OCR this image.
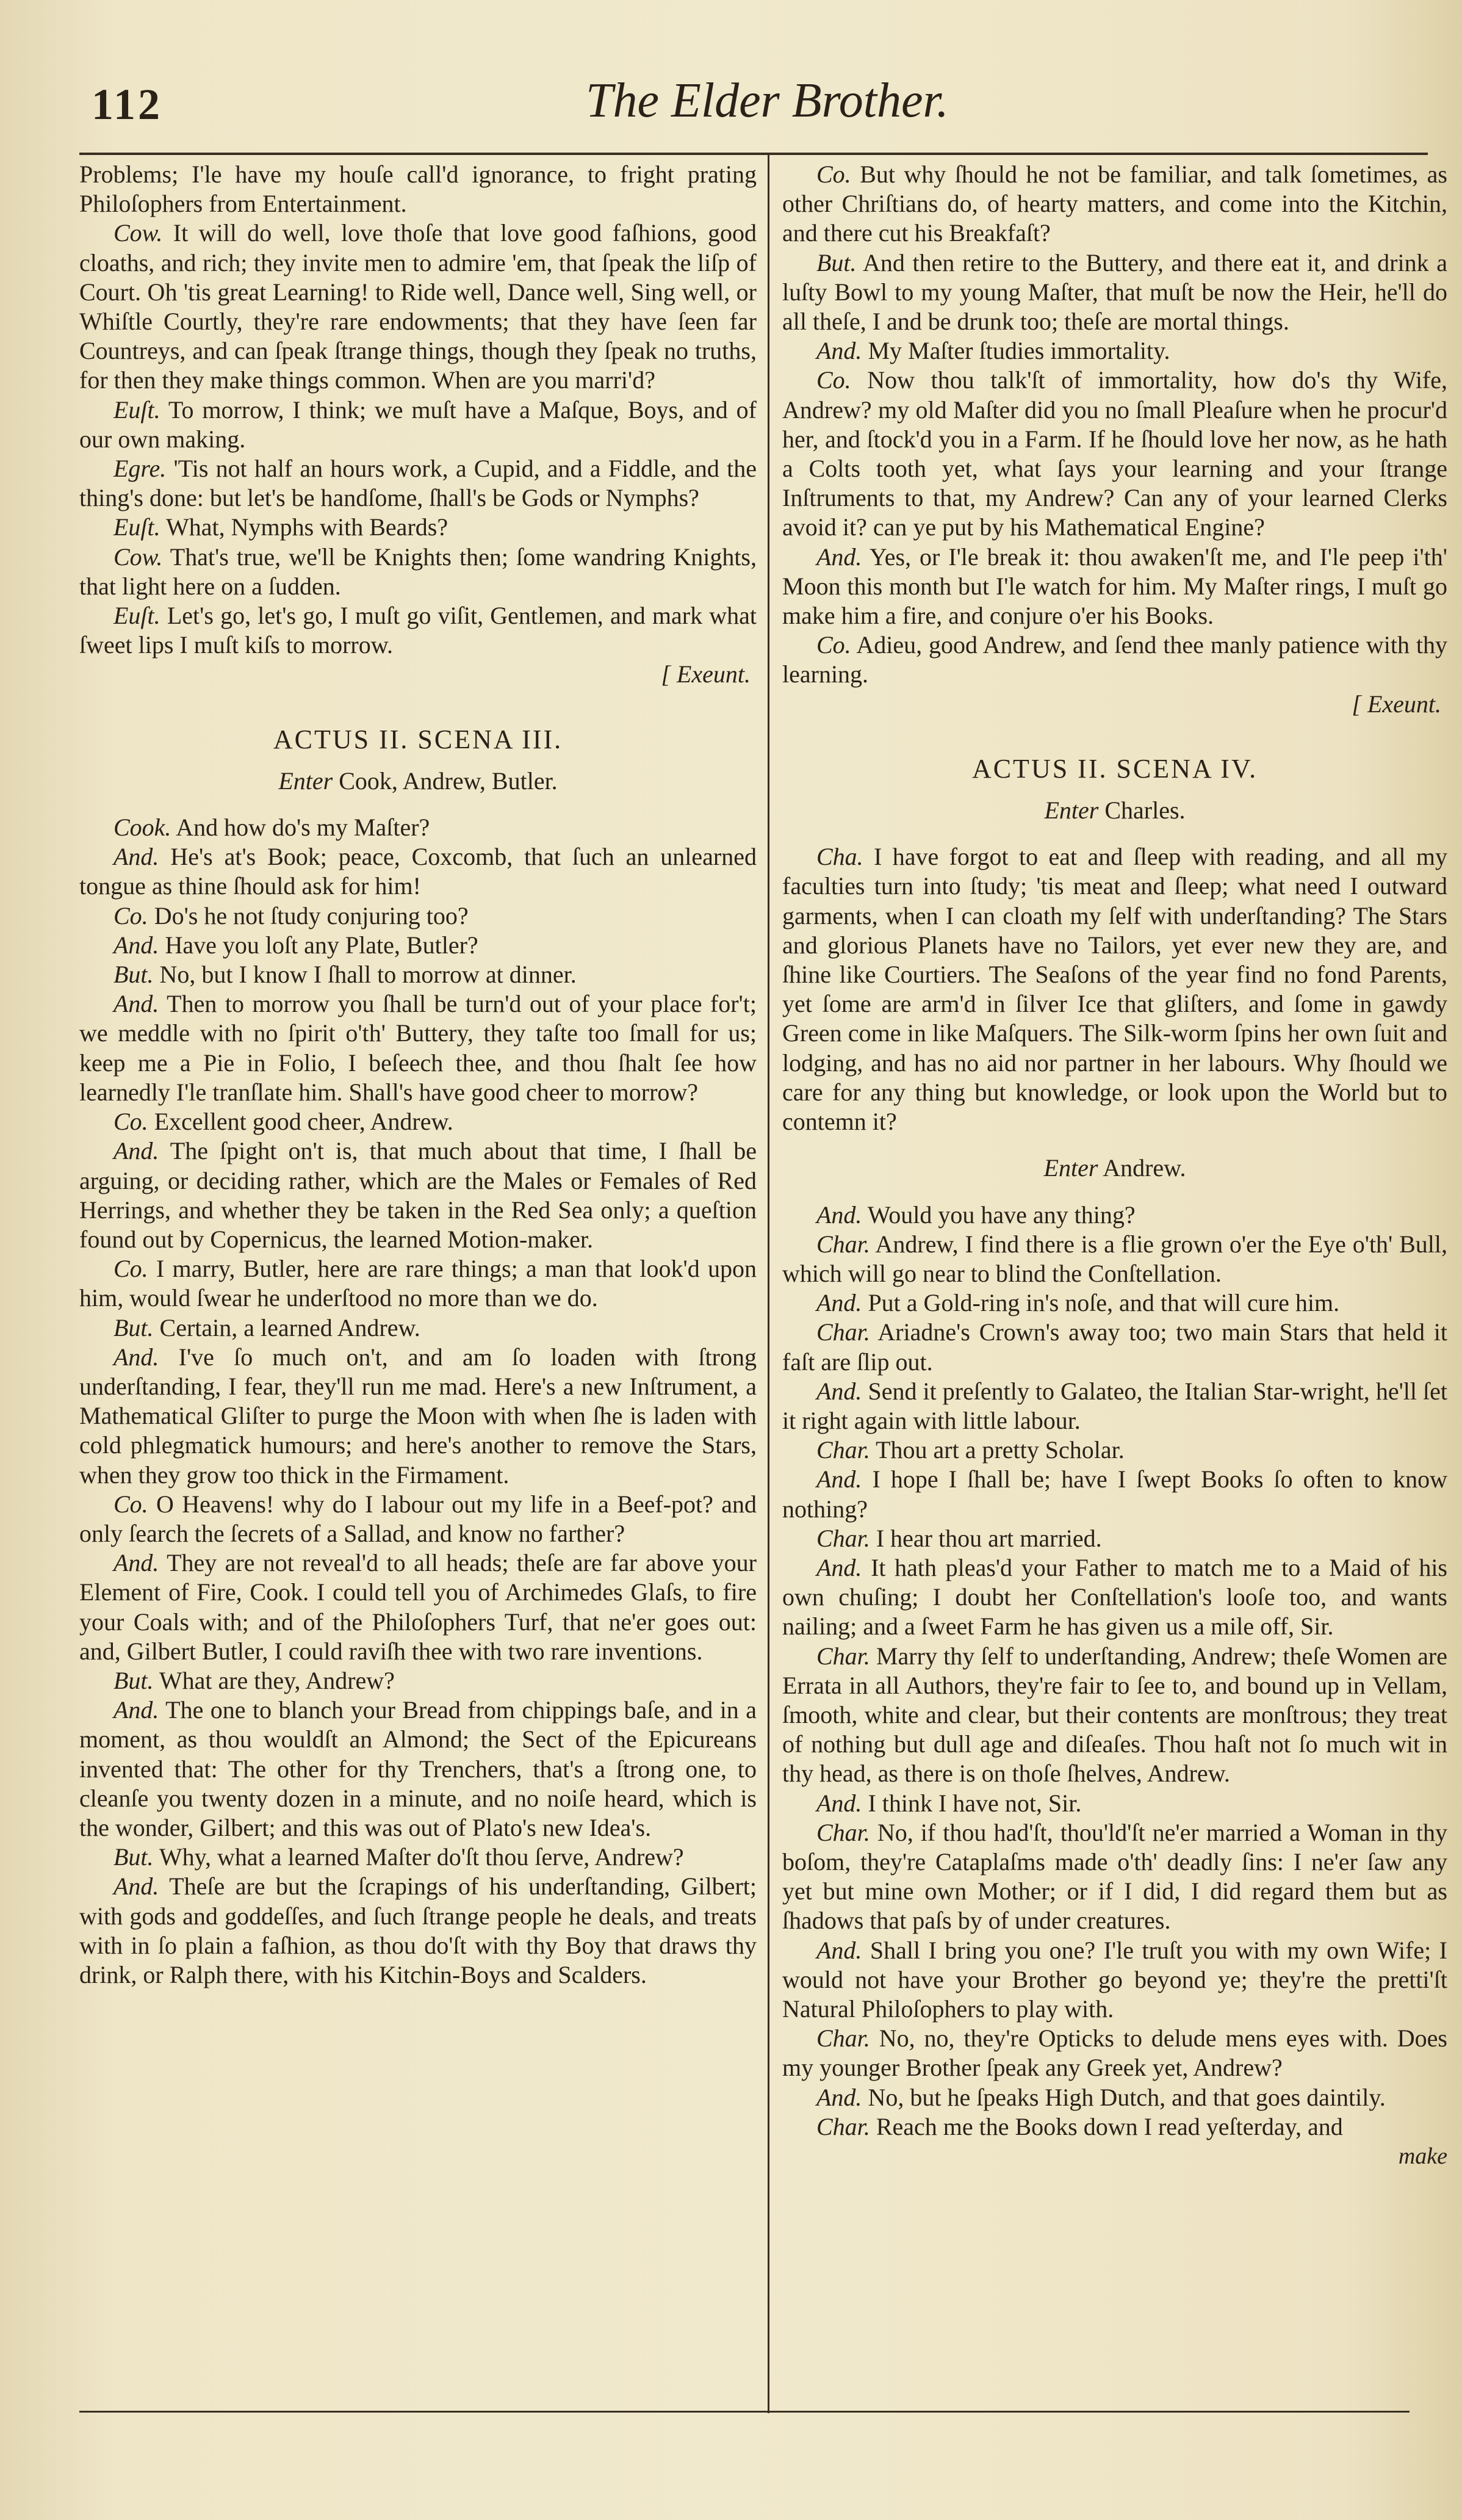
112	The Elder Brother.

Problems; I'le have my houſe call'd ignorance, to fright prating Philoſophers from Entertainment.

Cow. It will do well, love thoſe that love good faſhions, good cloaths, and rich; they invite men to admire 'em, that ſpeak the liſp of Court. Oh 'tis great Learning! to Ride well, Dance well, Sing well, or Whiſtle Courtly, they're rare endowments; that they have ſeen far Countreys, and can ſpeak ſtrange things, though they ſpeak no truths, for then they make things common. When are you marri'd?

Euſt. To morrow, I think; we muſt have a Maſque, Boys, and of our own making.

Egre. 'Tis not half an hours work, a Cupid, and a Fiddle, and the thing's done: but let's be handſome, ſhall's be Gods or Nymphs?

Euſt. What, Nymphs with Beards?

Cow. That's true, we'll be Knights then; ſome wandring Knights, that light here on a ſudden.

Euſt. Let's go, let's go, I muſt go viſit, Gentlemen, and mark what ſweet lips I muſt kiſs to morrow.

[ Exeunt.
ACTUS II. SCENA III.
Enter Cook, Andrew, Butler.

Cook. And how do's my Maſter?

And. He's at's Book; peace, Coxcomb, that ſuch an unlearned tongue as thine ſhould ask for him!

Co. Do's he not ſtudy conjuring too?

And. Have you loſt any Plate, Butler?

But. No, but I know I ſhall to morrow at dinner.

And. Then to morrow you ſhall be turn'd out of your place for't; we meddle with no ſpirit o'th' Buttery, they taſte too ſmall for us; keep me a Pie in Folio, I beſeech thee, and thou ſhalt ſee how learnedly I'le tranſlate him. Shall's have good cheer to morrow?

Co. Excellent good cheer, Andrew.

And. The ſpight on't is, that much about that time, I ſhall be arguing, or deciding rather, which are the Males or Females of Red Herrings, and whether they be taken in the Red Sea only; a queſtion found out by Copernicus, the learned Motion-maker.

Co. I marry, Butler, here are rare things; a man that look'd upon him, would ſwear he underſtood no more than we do.

But. Certain, a learned Andrew.

And. I've ſo much on't, and am ſo loaden with ſtrong underſtanding, I fear, they'll run me mad. Here's a new Inſtrument, a Mathematical Gliſter to purge the Moon with when ſhe is laden with cold phlegmatick humours; and here's another to remove the Stars, when they grow too thick in the Firmament.

Co. O Heavens! why do I labour out my life in a Beef-pot? and only ſearch the ſecrets of a Sallad, and know no farther?

And. They are not reveal'd to all heads; theſe are far above your Element of Fire, Cook. I could tell you of Archimedes Glaſs, to fire your Coals with; and of the Philoſophers Turf, that ne'er goes out: and, Gilbert Butler, I could raviſh thee with two rare inventions.

But. What are they, Andrew?

And. The one to blanch your Bread from chippings baſe, and in a moment, as thou wouldſt an Almond; the Sect of the Epicureans invented that: The other for thy Trenchers, that's a ſtrong one, to cleanſe you twenty dozen in a minute, and no noiſe heard, which is the wonder, Gilbert; and this was out of Plato's new Idea's.

But. Why, what a learned Maſter do'ſt thou ſerve, Andrew?

And. Theſe are but the ſcrapings of his underſtanding, Gilbert; with gods and goddeſſes, and ſuch ſtrange people he deals, and treats with in ſo plain a faſhion, as thou do'ſt with thy Boy that draws thy drink, or Ralph there, with his Kitchin-Boys and Scalders.

Co. But why ſhould he not be familiar, and talk ſometimes, as other Chriſtians do, of hearty matters, and come into the Kitchin, and there cut his Breakfaſt?

But. And then retire to the Buttery, and there eat it, and drink a luſty Bowl to my young Maſter, that muſt be now the Heir, he'll do all theſe, I and be drunk too; theſe are mortal things.

And. My Maſter ſtudies immortality.

Co. Now thou talk'ſt of immortality, how do's thy Wife, Andrew? my old Maſter did you no ſmall Pleaſure when he procur'd her, and ſtock'd you in a Farm. If he ſhould love her now, as he hath a Colts tooth yet, what ſays your learning and your ſtrange Inſtruments to that, my Andrew? Can any of your learned Clerks avoid it? can ye put by his Mathematical Engine?

And. Yes, or I'le break it: thou awaken'ſt me, and I'le peep i'th' Moon this month but I'le watch for him. My Maſter rings, I muſt go make him a fire, and conjure o'er his Books.

Co. Adieu, good Andrew, and ſend thee manly patience with thy learning.

[ Exeunt.
ACTUS II. SCENA IV.
Enter Charles.

Cha. I have forgot to eat and ſleep with reading, and all my faculties turn into ſtudy; 'tis meat and ſleep; what need I outward garments, when I can cloath my ſelf with underſtanding? The Stars and glorious Planets have no Tailors, yet ever new they are, and ſhine like Courtiers. The Seaſons of the year find no fond Parents, yet ſome are arm'd in ſilver Ice that gliſters, and ſome in gawdy Green come in like Maſquers. The Silk-worm ſpins her own ſuit and lodging, and has no aid nor partner in her labours. Why ſhould we care for any thing but knowledge, or look upon the World but to contemn it?

Enter Andrew.

And. Would you have any thing?

Char. Andrew, I find there is a flie grown o'er the Eye o'th' Bull, which will go near to blind the Conſtellation.

And. Put a Gold-ring in's noſe, and that will cure him.

Char. Ariadne's Crown's away too; two main Stars that held it faſt are ſlip out.

And. Send it preſently to Galateo, the Italian Star-wright, he'll ſet it right again with little labour.

Char. Thou art a pretty Scholar.

And. I hope I ſhall be; have I ſwept Books ſo often to know nothing?

Char. I hear thou art married.

And. It hath pleas'd your Father to match me to a Maid of his own chuſing; I doubt her Conſtellation's looſe too, and wants nailing; and a ſweet Farm he has given us a mile off, Sir.

Char. Marry thy ſelf to underſtanding, Andrew; theſe Women are Errata in all Authors, they're fair to ſee to, and bound up in Vellam, ſmooth, white and clear, but their contents are monſtrous; they treat of nothing but dull age and diſeaſes. Thou haſt not ſo much wit in thy head, as there is on thoſe ſhelves, Andrew.

And. I think I have not, Sir.

Char. No, if thou had'ſt, thou'ld'ſt ne'er married a Woman in thy boſom, they're Cataplaſms made o'th' deadly ſins: I ne'er ſaw any yet but mine own Mother; or if I did, I did regard them but as ſhadows that paſs by of under creatures.

And. Shall I bring you one? I'le truſt you with my own Wife; I would not have your Brother go beyond ye; they're the pretti'ſt Natural Philoſophers to play with.

Char. No, no, they're Opticks to delude mens eyes with. Does my younger Brother ſpeak any Greek yet, Andrew?

And. No, but he ſpeaks High Dutch, and that goes daintily.

Char. Reach me the Books down I read yeſterday, and

make
